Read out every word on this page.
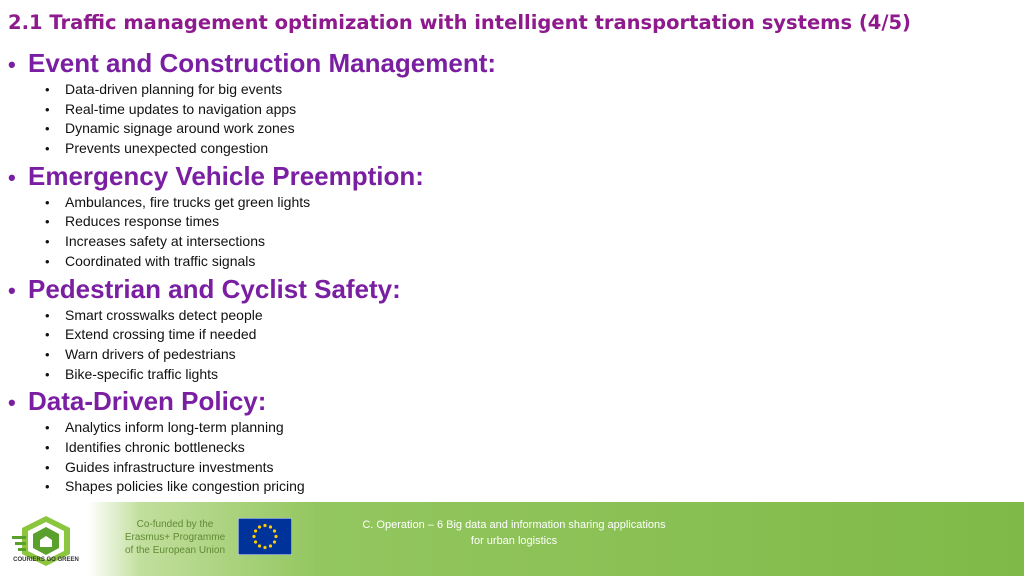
2.1 Traffic management optimization with intelligent transportation systems (4/5)
• Event and Construction Management:
•	Data-driven planning for big events
•	Real-time updates to navigation apps
•	Dynamic signage around work zones
•	Prevents unexpected congestion
• Emergency Vehicle Preemption:
•	Ambulances, fire trucks get green lights
•	Reduces response times
•	Increases safety at intersections
•	Coordinated with traffic signals
• Pedestrian and Cyclist Safety:
•	Smart crosswalks detect people
•	Extend crossing time if needed
•	Warn drivers of pedestrians
•	Bike-specific traffic lights
• Data-Driven Policy:
•	Analytics inform long-term planning
•	Identifies chronic bottlenecks
•	Guides infrastructure investments
•	Shapes policies like congestion pricing
COURIERS GO GREEN
Co-funded by the
Erasmus+ Programme
of the European Union
C. Operation – 6 Big data and information sharing applications
for urban logistics
